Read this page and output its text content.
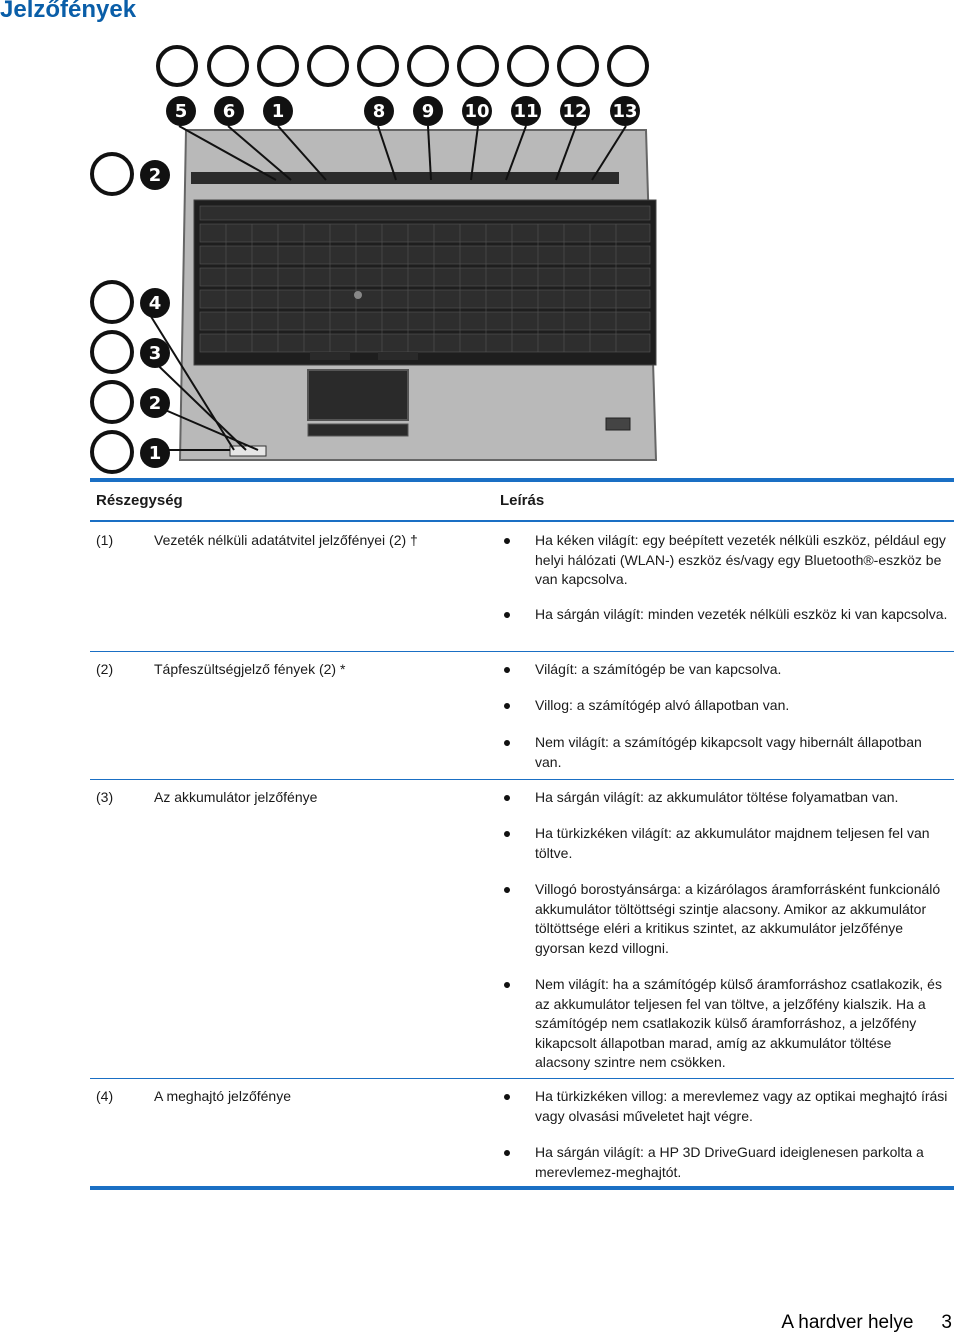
Jelzőfények
5	6	1	8	9	10 11 12 13
2
4
3
2
1
Részegység	Leírás
(1)	Vezeték nélküli adatátvitel jelzőfényei (2) †	Ha kéken világít: egy beépített vezeték nélküli eszköz, például egy helyi hálózati (WLAN-) eszköz és/vagy egy Bluetooth®-eszköz be van kapcsolva.
Ha sárgán világít: minden vezeték nélküli eszköz ki van kapcsolva.
(2)	Tápfeszültségjelző fények (2) *	Világít: a számítógép be van kapcsolva.
Villog: a számítógép alvó állapotban van.
Nem világít: a számítógép kikapcsolt vagy hibernált állapotban van.
(3)	Az akkumulátor jelzőfénye	Ha sárgán világít: az akkumulátor töltése folyamatban van.
Ha türkizkéken világít: az akkumulátor majdnem teljesen fel van töltve.
Villogó borostyánsárga: a kizárólagos áramforrásként funkcionáló akkumulátor töltöttségi szintje alacsony. Amikor az akkumulátor töltöttsége eléri a kritikus szintet, az akkumulátor jelzőfénye gyorsan kezd villogni.
Nem világít: ha a számítógép külső áramforráshoz csatlakozik, és az akkumulátor teljesen fel van töltve, a jelzőfény kialszik. Ha a számítógép nem csatlakozik külső áramforráshoz, a jelzőfény kikapcsolt állapotban marad, amíg az akkumulátor töltése alacsony szintre nem csökken.
(4)	A meghajtó jelzőfénye	Ha türkizkéken villog: a merevlemez vagy az optikai meghajtó írási vagy olvasási műveletet hajt végre.
Ha sárgán világít: a HP 3D DriveGuard ideiglenesen parkolta a merevlemez-meghajtót.
A hardver helye 3
